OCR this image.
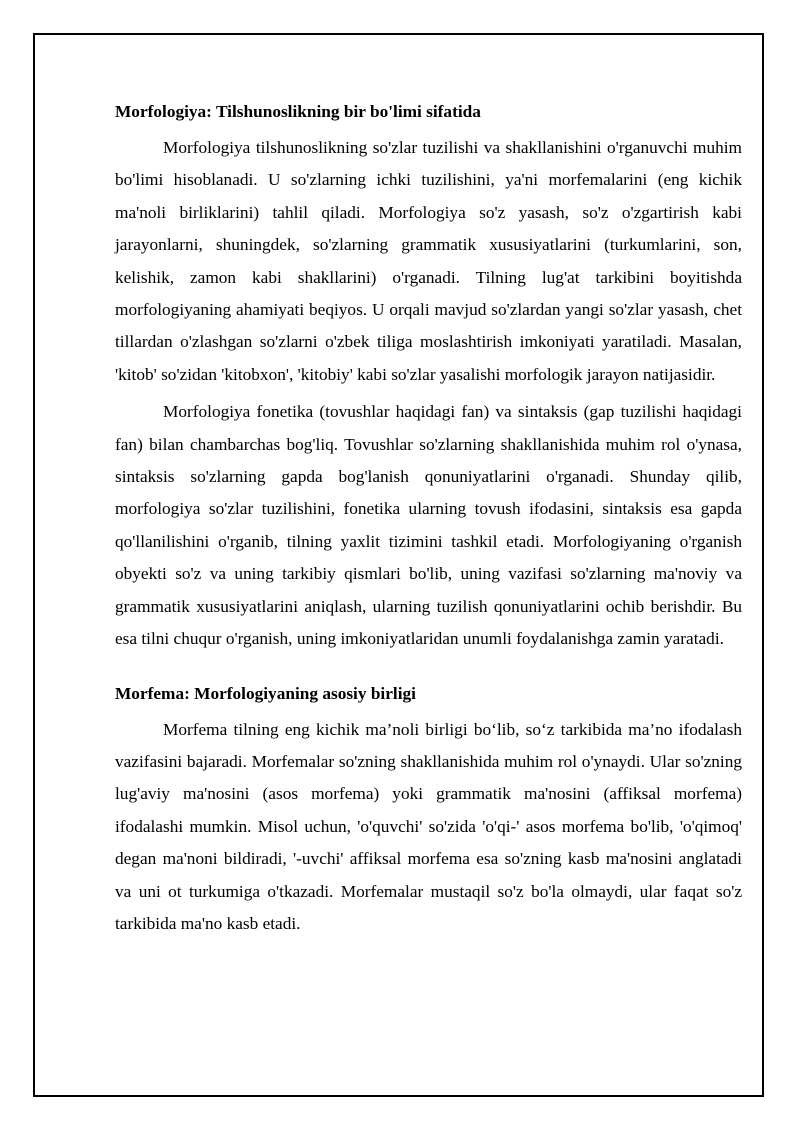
Morfologiya: Tilshunoslikning bir bo'limi sifatida

Morfologiya tilshunoslikning so'zlar tuzilishi va shakllanishini o'rganuvchi muhim bo'limi hisoblanadi. U so'zlarning ichki tuzilishini, ya'ni morfemalarini (eng kichik ma'noli birliklarini) tahlil qiladi. Morfologiya so'z yasash, so'z o'zgartirish kabi jarayonlarni, shuningdek, so'zlarning grammatik xususiyatlarini (turkumlarini, son, kelishik, zamon kabi shakllarini) o'rganadi. Tilning lug'at tarkibini boyitishda morfologiyaning ahamiyati beqiyos. U orqali mavjud so'zlardan yangi so'zlar yasash, chet tillardan o'zlashgan so'zlarni o'zbek tiliga moslashtirish imkoniyati yaratiladi. Masalan, 'kitob' so'zidan 'kitobxon', 'kitobiy' kabi so'zlar yasalishi morfologik jarayon natijasidir.

Morfologiya fonetika (tovushlar haqidagi fan) va sintaksis (gap tuzilishi haqidagi fan) bilan chambarchas bog'liq. Tovushlar so'zlarning shakllanishida muhim rol o'ynasa, sintaksis so'zlarning gapda bog'lanish qonuniyatlarini o'rganadi. Shunday qilib, morfologiya so'zlar tuzilishini, fonetika ularning tovush ifodasini, sintaksis esa gapda qo'llanilishini o'rganib, tilning yaxlit tizimini tashkil etadi. Morfologiyaning o'rganish obyekti so'z va uning tarkibiy qismlari bo'lib, uning vazifasi so'zlarning ma'noviy va grammatik xususiyatlarini aniqlash, ularning tuzilish qonuniyatlarini ochib berishdir. Bu esa tilni chuqur o'rganish, uning imkoniyatlaridan unumli foydalanishga zamin yaratadi.

Morfema: Morfologiyaning asosiy birligi

Morfema tilning eng kichik ma’noli birligi bo‘lib, so‘z tarkibida ma’no ifodalash vazifasini bajaradi. Morfemalar so'zning shakllanishida muhim rol o'ynaydi. Ular so'zning lug'aviy ma'nosini (asos morfema) yoki grammatik ma'nosini (affiksal morfema) ifodalashi mumkin. Misol uchun, 'o'quvchi' so'zida 'o'qi-' asos morfema bo'lib, 'o'qimoq' degan ma'noni bildiradi, '-uvchi' affiksal morfema esa so'zning kasb ma'nosini anglatadi va uni ot turkumiga o'tkazadi. Morfemalar mustaqil so'z bo'la olmaydi, ular faqat so'z tarkibida ma'no kasb etadi.
